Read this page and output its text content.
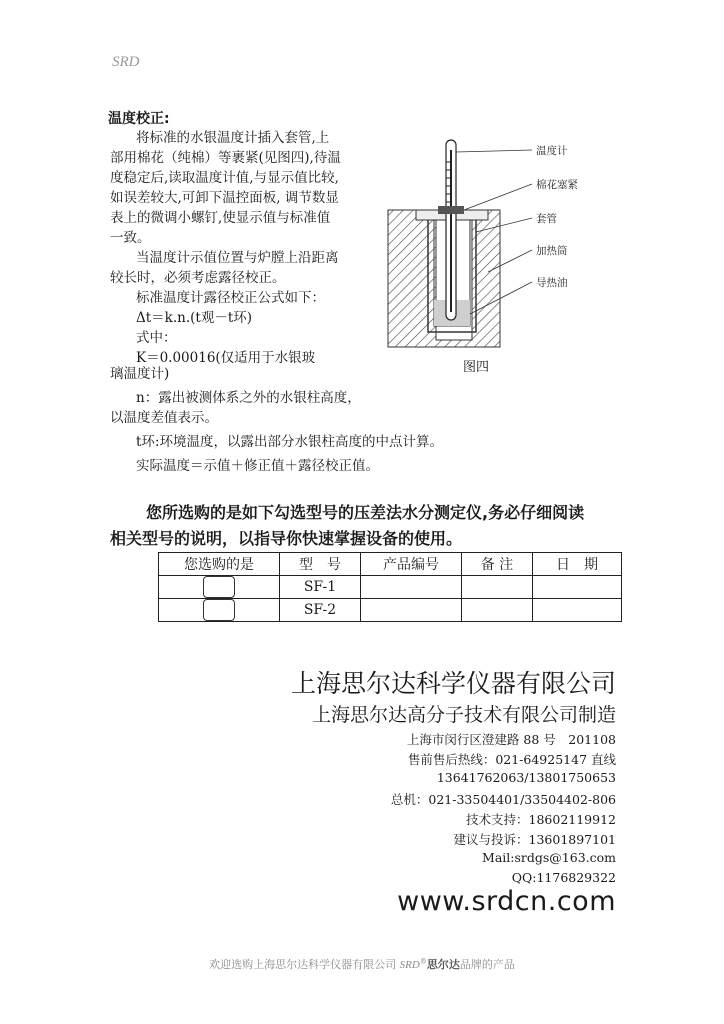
SRD
温度校正:
将标准的水银温度计插入套管,上
部用棉花（纯棉）等裹紧(见图四),待温
度稳定后,读取温度计值,与显示值比较,
如误差较大,可卸下温控面板, 调节数显
表上的微调小螺钉,使显示值与标准值
一致。
当温度计示值位置与炉膛上沿距离
较长时，必须考虑露径校正。
标准温度计露径校正公式如下：
Δt＝k.n.(t观－t环)
式中：
K＝0.00016(仅适用于水银玻
璃温度计)
n：露出被测体系之外的水银柱高度，
以温度差值表示。
t环:环境温度，以露出部分水银柱高度的中点计算。
实际温度＝示值＋修正值＋露径校正值。
温度计
棉花塞紧
套管
加热筒
导热油
图四
您所选购的是如下勾选型号的压差法水分测定仪,务必仔细阅读
相关型号的说明，以指导你快速掌握设备的使用。
您选购的是	型　号	产品编号	备 注	日　期
	SF-1			
	SF-2			
上海思尔达科学仪器有限公司
上海思尔达高分子技术有限公司制造
上海市闵行区澄建路 88 号　201108
售前售后热线：021-64925147 直线
13641762063/13801750653
总机：021-33504401/33504402-806
技术支持：18602119912
建议与投诉：13601897101
Mail:srdgs@163.com
QQ:1176829322
www.srdcn.com
欢迎选购上海思尔达科学仪器有限公司 SRD®思尔达品牌的产品
